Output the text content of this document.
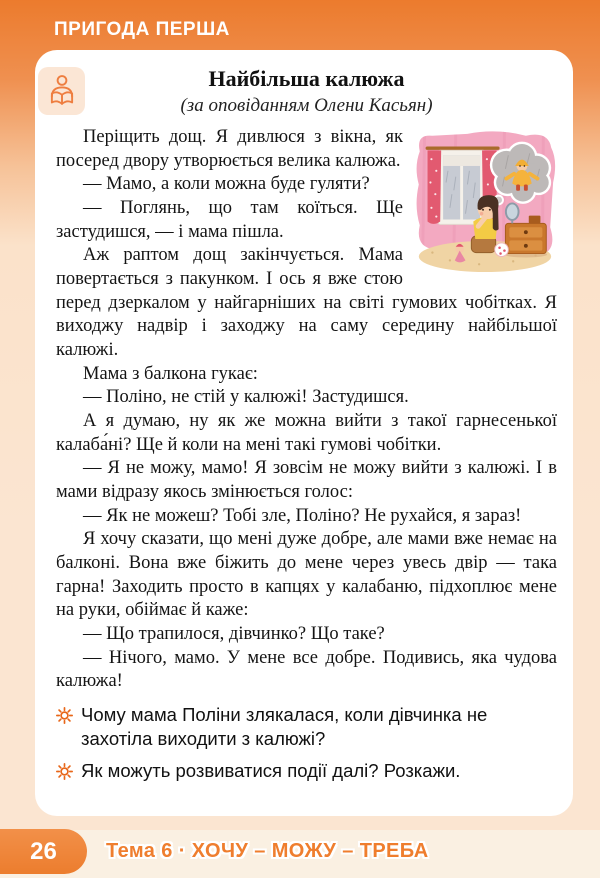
ПРИГОДА ПЕРША
Найбільша калюжа
(за оповіданням Олени Касьян)

Періщить дощ. Я дивлюся з вікна, як посеред двору утворюється велика калюжа.

— Мамо, а коли можна буде гуляти?

— Поглянь, що там коїться. Ще застудишся, — і мама пішла.

Аж раптом дощ закінчується. Мама повертається з пакунком. І ось я вже стою перед дзеркалом у найгарніших на світі гумових чобітках. Я виходжу надвір і заходжу на саму середину найбільшої калюжі.

Мама з балкона гукає:

— Поліно, не стій у калюжі! Застудишся.

А я думаю, ну як же можна вийти з такої гарнесенької калаба́ні? Ще й коли на мені такі гумові чобітки.

— Я не можу, мамо! Я зовсім не можу вийти з калюжі. І в мами відразу якось змінюється голос:

— Як не можеш? Тобі зле, Поліно? Не рухайся, я зараз!

Я хочу сказати, що мені дуже добре, але мами вже немає на балконі. Вона вже біжить до мене через увесь двір — така гарна! Заходить просто в капцях у калабаню, підхоплює мене на руки, обіймає й каже:

— Що трапилося, дівчинко? Що таке?

— Нічого, мамо. У мене все добре. Подивись, яка чудова калюжа!

Чому мама Поліни злякалася, коли дівчинка не захотіла виходити з калюжі?
Як можуть розвиватися події далі? Розкажи.
Тема 6 · ХОЧУ – МОЖУ – ТРЕБА
26
